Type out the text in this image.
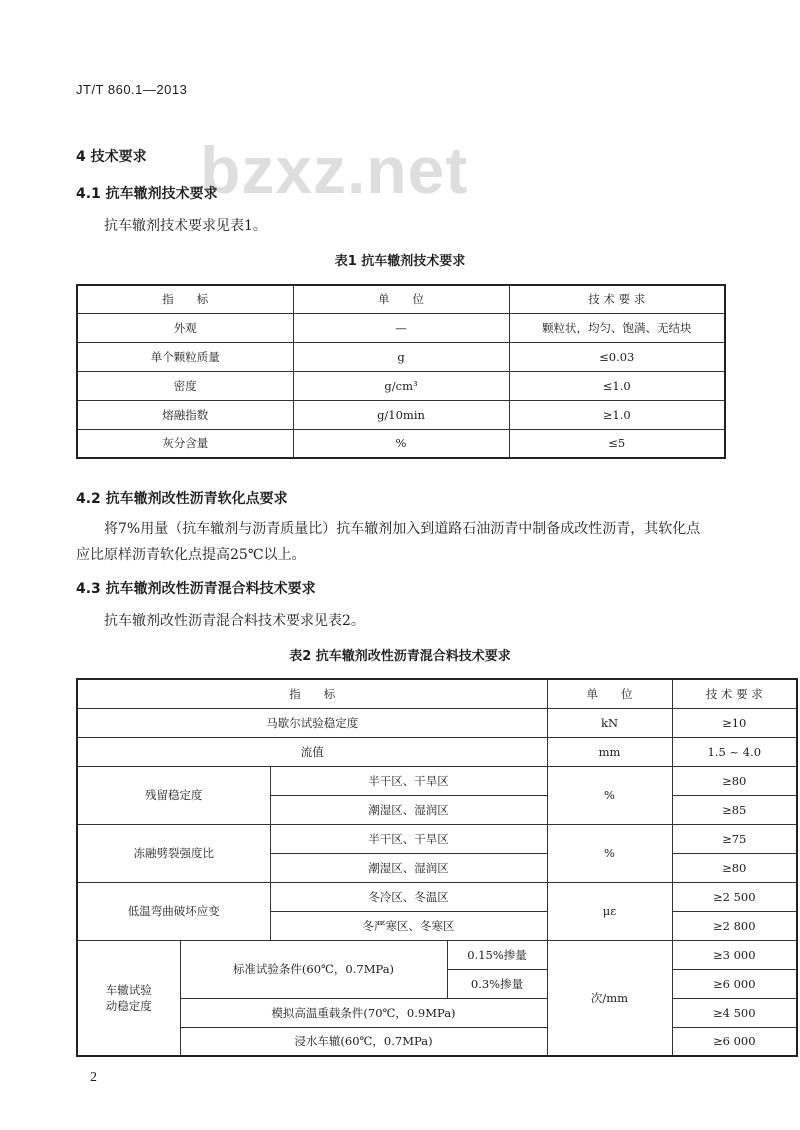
JT/T 860.1—2013
bzxz.net
4 技术要求
4.1 抗车辙剂技术要求
抗车辙剂技术要求见表1。
表1 抗车辙剂技术要求
指　　标	单　　位	技 术 要 求
外观	—	颗粒状，均匀、饱满、无结块
单个颗粒质量	g	≤0.03
密度	g/cm³	≤1.0
熔融指数	g/10min	≥1.0
灰分含量	%	≤5
4.2 抗车辙剂改性沥青软化点要求
将7%用量（抗车辙剂与沥青质量比）抗车辙剂加入到道路石油沥青中制备成改性沥青，其软化点
应比原样沥青软化点提高25℃以上。
4.3 抗车辙剂改性沥青混合料技术要求
抗车辙剂改性沥青混合料技术要求见表2。
表2 抗车辙剂改性沥青混合料技术要求
指　　标				单　　位	技 术 要 求
马歇尔试验稳定度				kN	≥10
流值				mm	1.5 ~ 4.0
残留稳定度		半干区、干旱区		%	≥80
		潮湿区、湿润区			≥85
冻融劈裂强度比		半干区、干旱区		%	≥75
		潮湿区、湿润区			≥80
低温弯曲破坏应变		冬冷区、冬温区		με	≥2 500
		冬严寒区、冬寒区			≥2 800

车辙试验
动稳定度	标准试验条件(60℃，0.7MPa)		0.15%掺量	次/mm	≥3 000
			0.3%掺量		≥6 000
	模拟高温重载条件(70℃，0.9MPa)				≥4 500
	浸水车辙(60℃，0.7MPa)				≥6 000
2
